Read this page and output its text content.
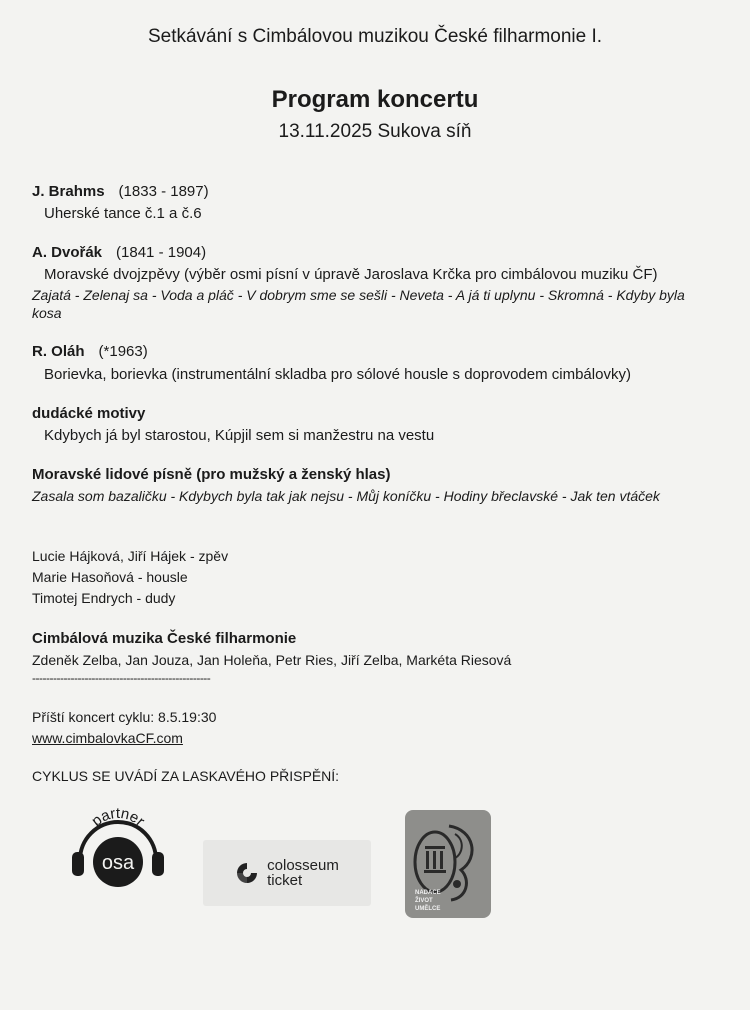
Setkávání s Cimbálovou muzikou České filharmonie I.
Program koncertu
13.11.2025 Sukova síň
J. Brahms (1833 - 1897)
Uherské tance č.1 a č.6
A. Dvořák (1841 - 1904)
Moravské dvojzpěvy (výběr osmi písní v úpravě Jaroslava Krčka pro cimbálovou muziku ČF)
Zajatá - Zelenaj sa - Voda a pláč - V dobrym sme se sešli - Neveta - A já ti uplynu - Skromná - Kdyby byla
kosa
R. Oláh (*1963)
Borievka, borievka (instrumentální skladba pro sólové housle s doprovodem cimbálovky)
dudácké motivy
Kdybych já byl starostou, Kúpjil sem si manžestru na vestu
Moravské lidové písně (pro mužský a ženský hlas)
Zasala som bazaličku - Kdybych byla tak jak nejsu - Můj koníčku - Hodiny břeclavské - Jak ten vtáček
Lucie Hájková, Jiří Hájek - zpěv
Marie Hasoňová - housle
Timotej Endrych - dudy
Cimbálová muzika České filharmonie
Zdeněk Zelba, Jan Jouza, Jan Holeňa, Petr Ries, Jiří Zelba, Markéta Riesová
---------------------------------------------------
Příští koncert cyklu: 8.5.19:30
www.cimbalovkaCF.com
CYKLUS SE UVÁDÍ ZA LASKAVÉHO PŘISPĚNÍ:
partner
osa	colosseum
ticket
NADACE
ŽIVOT
UMĚLCE
